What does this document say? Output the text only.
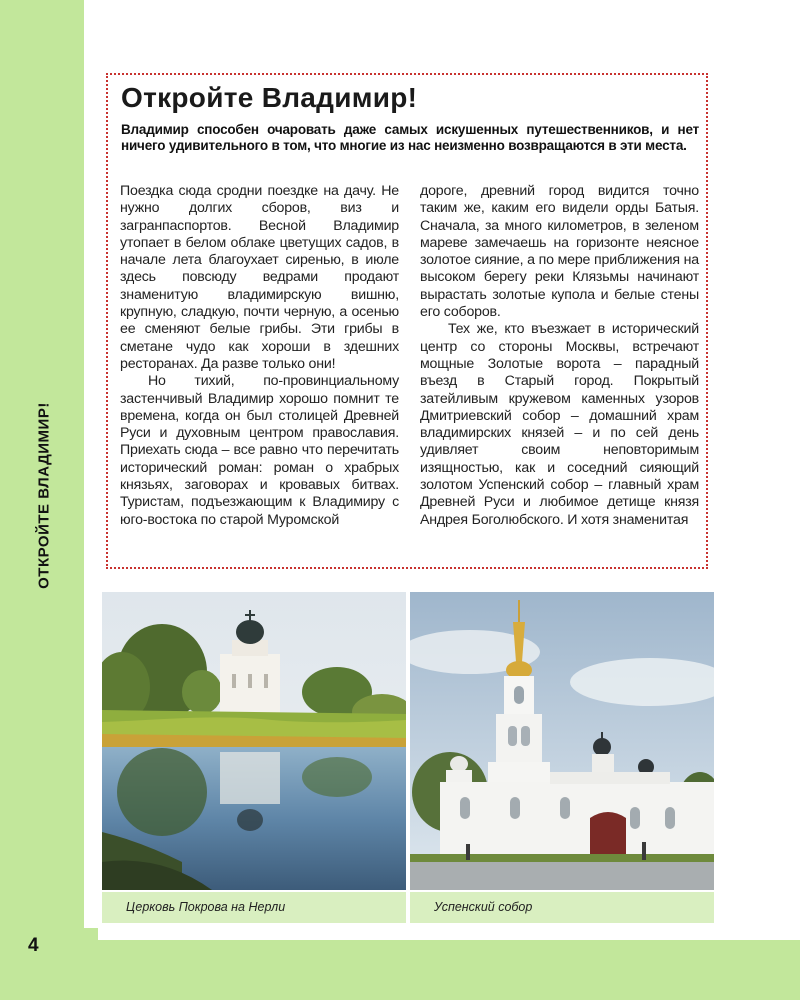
ОТКРОЙТЕ ВЛАДИМИР!
4
Откройте Владимир!
Владимир способен очаровать даже самых искушенных путешественников, и нет ничего удивительного в том, что многие из нас неизменно возвращаются в эти места.

Поездка сюда сродни поездке на дачу. Не нужно долгих сборов, виз и загранпаспортов. Весной Владимир утопает в белом облаке цветущих садов, в начале лета благоухает сиренью, в июле здесь повсюду ведрами продают знаменитую владимирскую вишню, крупную, сладкую, почти черную, а осенью ее сменяют белые грибы. Эти грибы в сметане чудо как хороши в здешних ресторанах. Да разве только они!

Но тихий, по-провинциальному застенчивый Владимир хорошо помнит те времена, когда он был столицей Древней Руси и духовным центром православия. Приехать сюда – все равно что перечитать исторический роман: роман о храбрых князьях, заговорах и кровавых битвах. Туристам, подъезжающим к Владимиру с юго-востока по старой Муромской

дороге, древний город видится точно таким же, каким его видели орды Батыя. Сначала, за много километров, в зеленом мареве замечаешь на горизонте неясное золотое сияние, а по мере приближения на высоком берегу реки Клязьмы начинают вырастать золотые купола и белые стены его соборов.

Тех же, кто въезжает в исторический центр со стороны Москвы, встречают мощные Золотые ворота – парадный въезд в Старый город. Покрытый затейливым кружевом каменных узоров Дмитриевский собор – домашний храм владимирских князей – и по сей день удивляет своим неповторимым изящностью, как и соседний сияющий золотом Успенский собор – главный храм Древней Руси и любимое детище князя Андрея Боголюбского. И хотя знаменитая

Церковь Покрова на Нерли	Успенский собор
